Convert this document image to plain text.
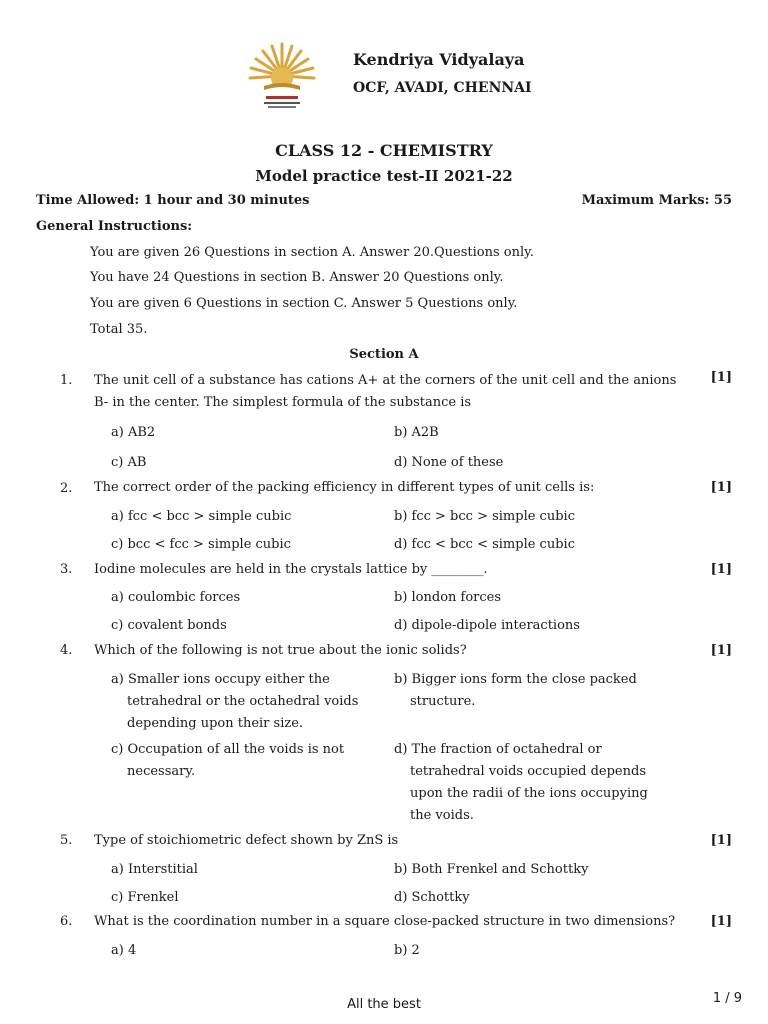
Kendriya Vidyalaya
OCF, AVADI, CHENNAI
CLASS 12 - CHEMISTRY
Model practice test-II 2021-22
Time Allowed: 1 hour and 30 minutes	Maximum Marks: 55
General Instructions:
You are given 26 Questions in section A. Answer 20.Questions only.
You have 24 Questions in section B. Answer 20 Questions only.
You are given 6 Questions in section C. Answer 5 Questions only.
Total 35.
Section A
1. The unit cell of a substance has cations A+ at the corners of the unit cell and the anions B- in the center. The simplest formula of the substance is
[1]
a) AB2	b) A2B
c) AB	d) None of these
2. The correct order of the packing efficiency in different types of unit cells is:	[1]
a) fcc < bcc > simple cubic	b) fcc > bcc > simple cubic
c) bcc < fcc > simple cubic	d) fcc < bcc < simple cubic
3. Iodine molecules are held in the crystals lattice by ________.	[1]
a) coulombic forces	b) london forces
c) covalent bonds	d) dipole-dipole interactions
4. Which of the following is not true about the ionic solids?	[1]
a) Smaller ions occupy either the tetrahedral or the octahedral voids depending upon their size.
b) Bigger ions form the close packed structure.
c) Occupation of all the voids is not necessary.
d) The fraction of octahedral or tetrahedral voids occupied depends upon the radii of the ions occupying the voids.
5. Type of stoichiometric defect shown by ZnS is	[1]
a) Interstitial	b) Both Frenkel and Schottky
c) Frenkel	d) Schottky
6. What is the coordination number in a square close-packed structure in two dimensions?	[1]
a) 4	b) 2
All the best	1 / 9
